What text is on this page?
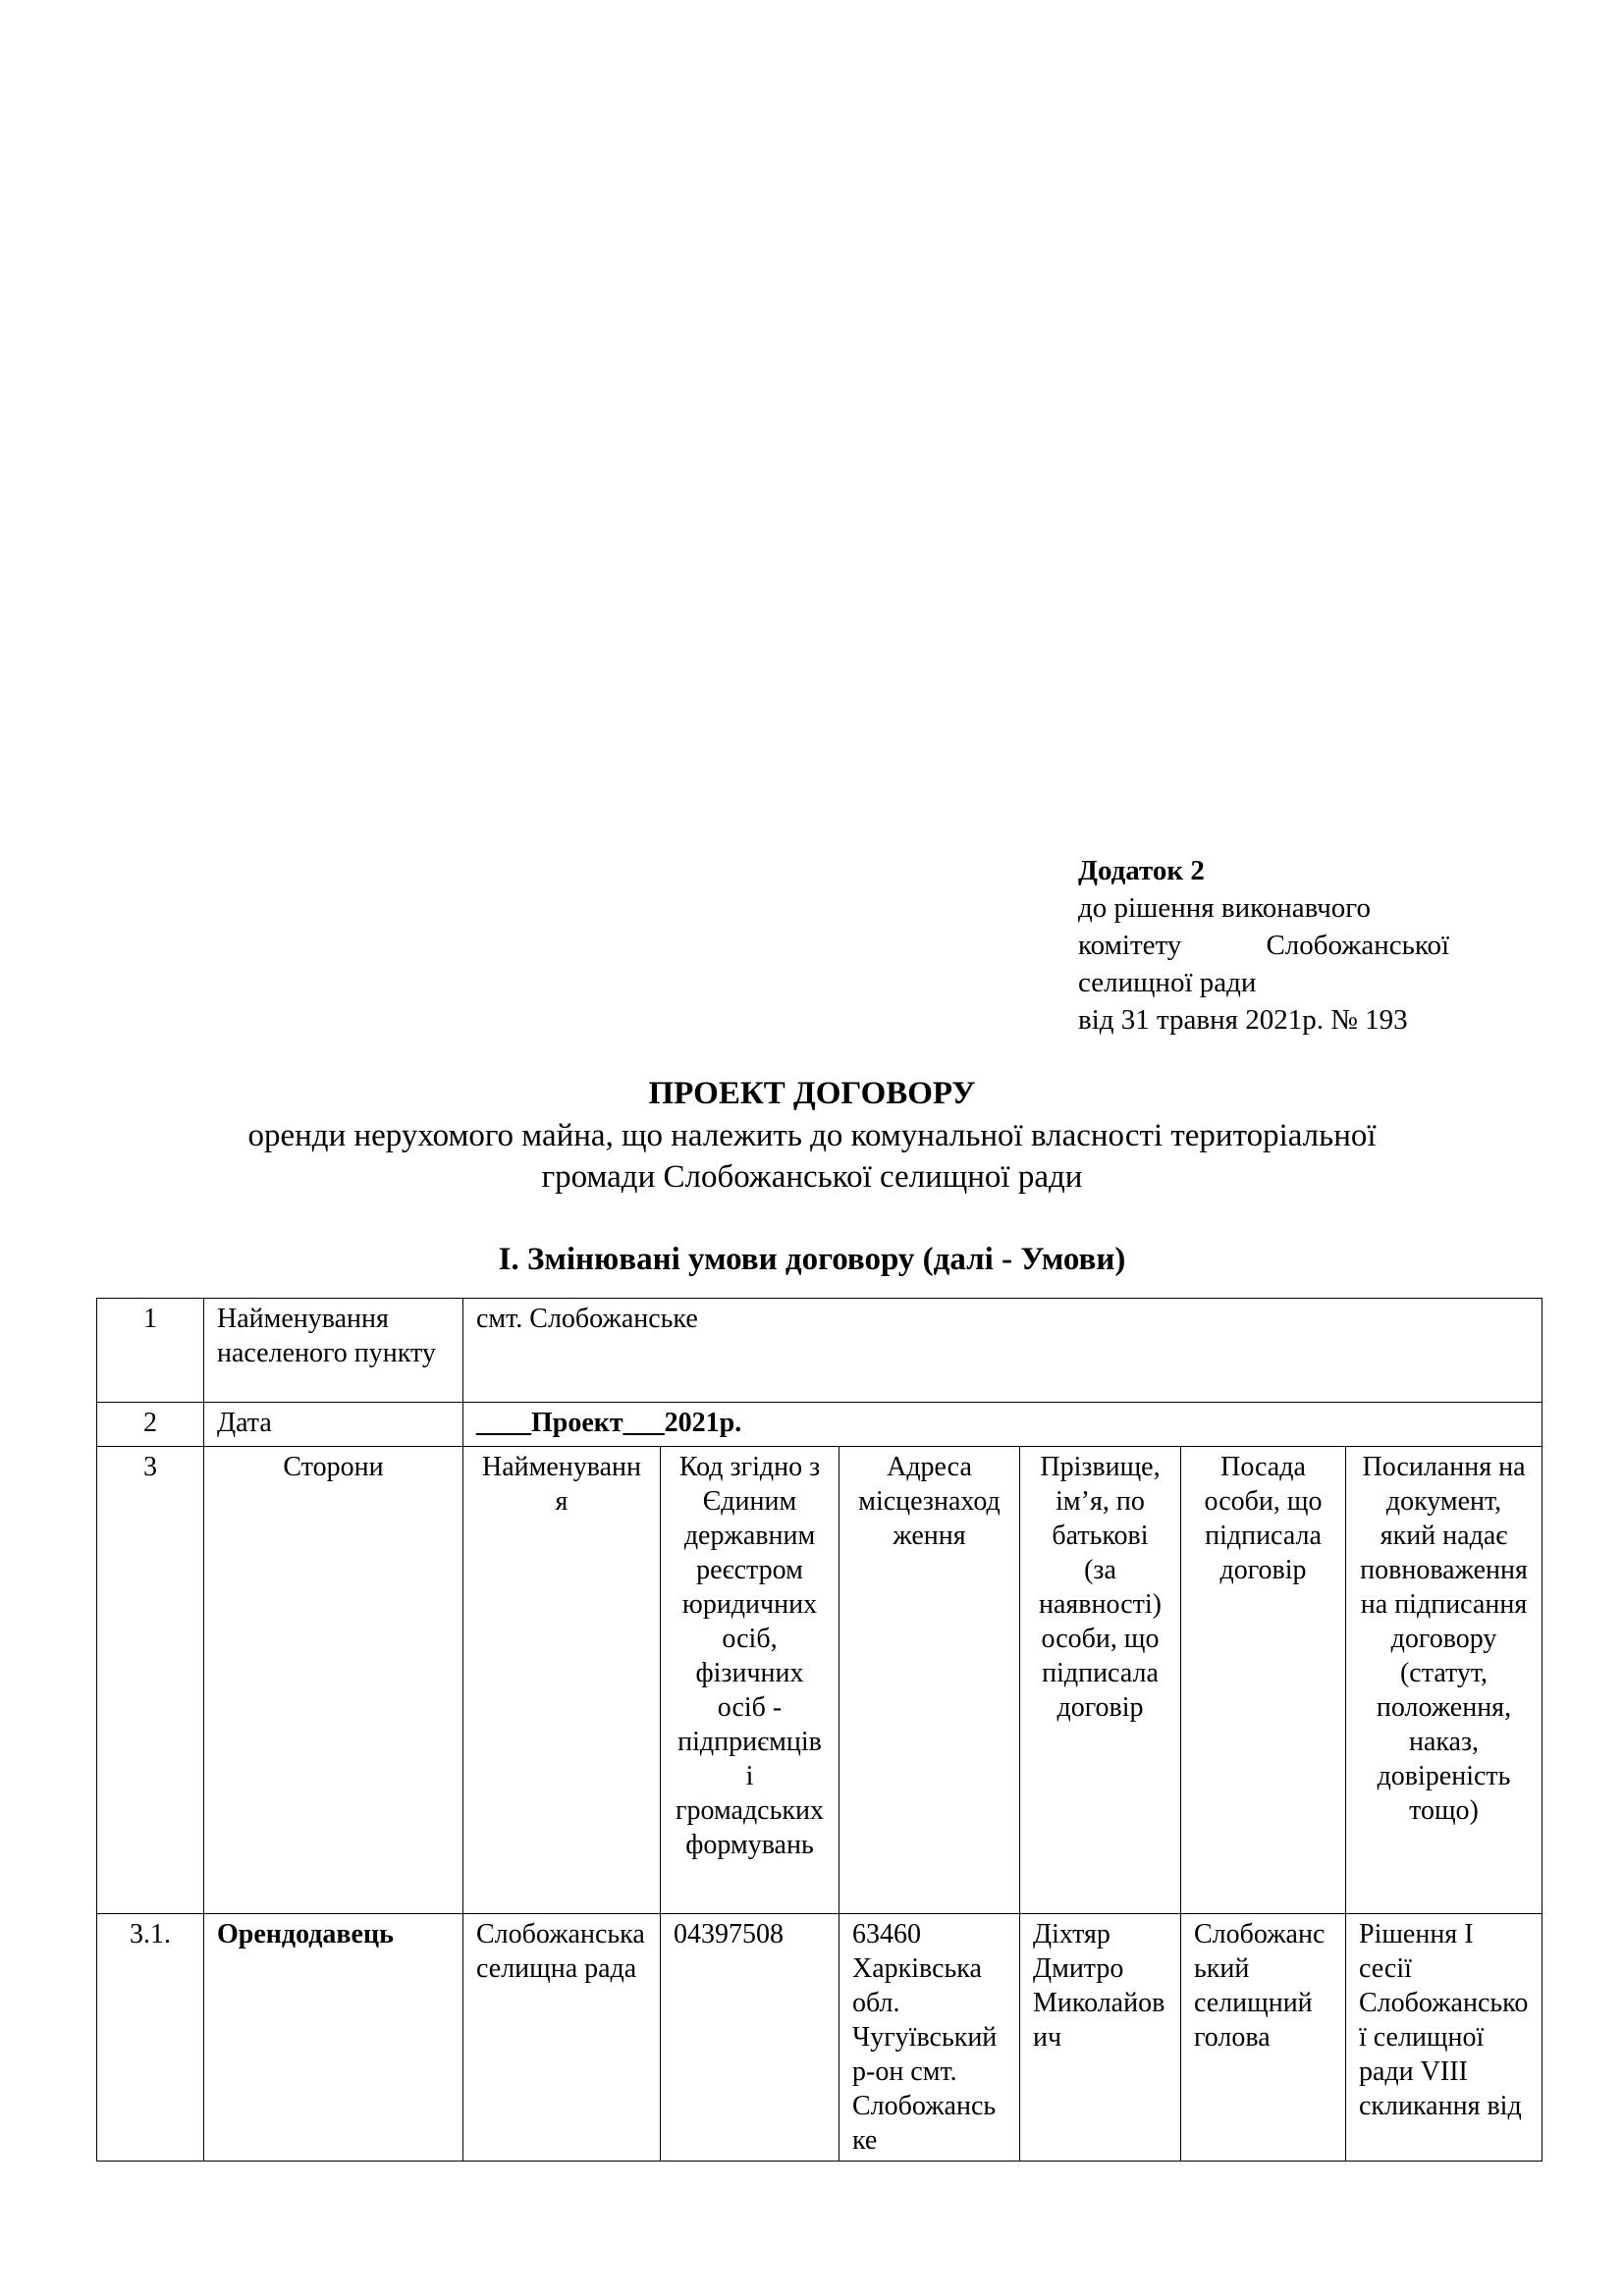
Додаток 2
до рішення виконавчого
комітету	Слобожанської
селищної ради
від 31 травня 2021р. № 193
ПРОЕКТ ДОГОВОРУ
оренди нерухомого майна, що належить до комунальної власності територіальної
громади Слобожанської селищної ради
І. Змінювані умови договору (далі - Умови)
1	Найменування населеного пункту	смт. Слобожанське					
2	Дата	____Проект___2021р.					
3	Сторони	Найменування	Код згідно з Єдиним державним реєстром юридичних осіб, фізичних осіб - підприємців і громадських формувань	Адреса місцезнаходження	Прізвище, ім’я, по батькові (за наявності) особи, що підписала договір	Посада особи, що підписала договір	Посилання на документ, який надає повноваження на підписання договору (статут, положення, наказ, довіреність тощо)
3.1.	Орендодавець	Слобожанська селищна рада	04397508	63460 Харківська обл. Чугуївський р-он смт. Слобожанське	Діхтяр Дмитро Миколайович	Слобожанський селищний голова	Рішення І сесії Слобожанської селищної ради VIII скликання від
